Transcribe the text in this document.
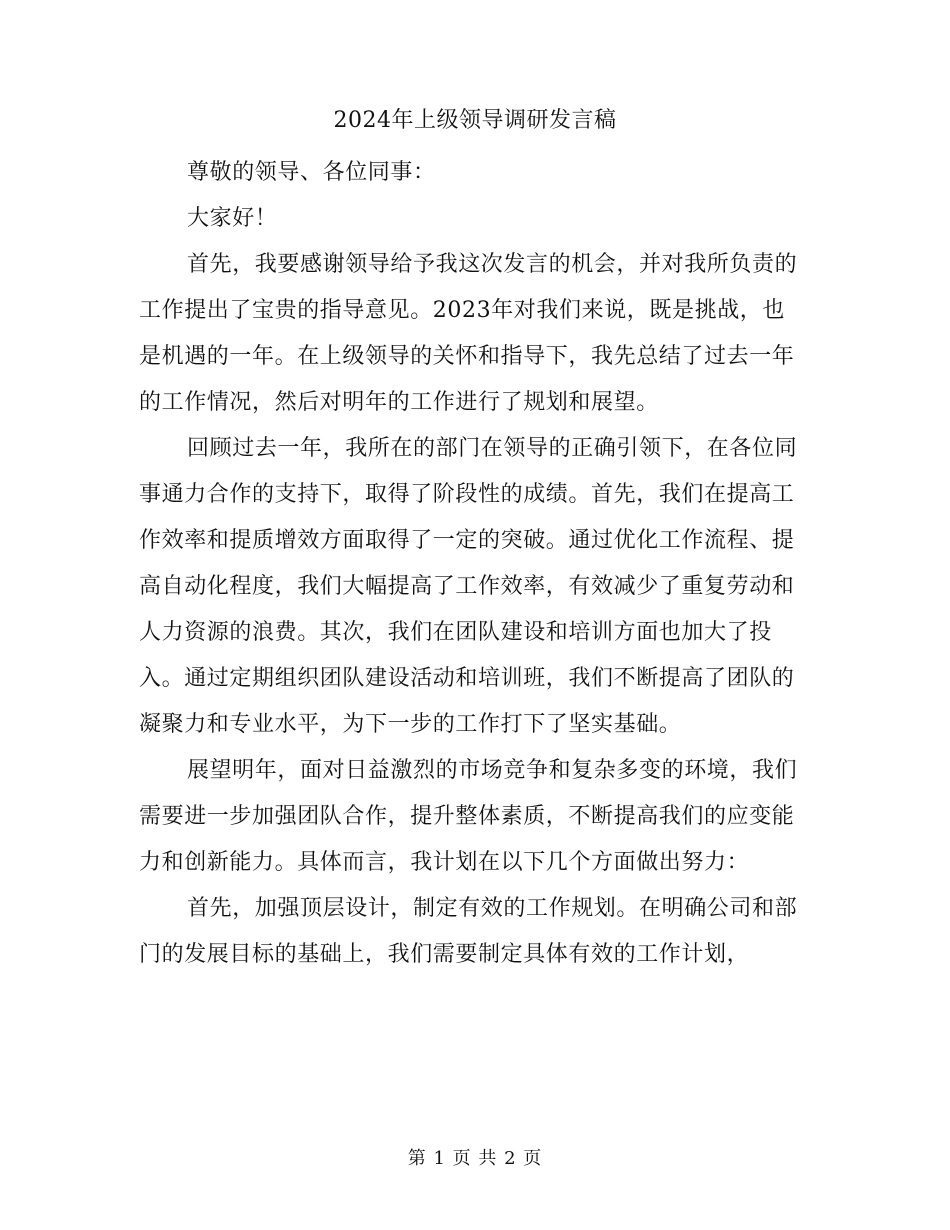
2024年上级领导调研发言稿

尊敬的领导、各位同事：

大家好！

首先，我要感谢领导给予我这次发言的机会，并对我所负责的工作提出了宝贵的指导意见。2023年对我们来说，既是挑战，也是机遇的一年。在上级领导的关怀和指导下，我先总结了过去一年的工作情况，然后对明年的工作进行了规划和展望。

回顾过去一年，我所在的部门在领导的正确引领下，在各位同事通力合作的支持下，取得了阶段性的成绩。首先，我们在提高工作效率和提质增效方面取得了一定的突破。通过优化工作流程、提高自动化程度，我们大幅提高了工作效率，有效减少了重复劳动和人力资源的浪费。其次，我们在团队建设和培训方面也加大了投入。通过定期组织团队建设活动和培训班，我们不断提高了团队的凝聚力和专业水平，为下一步的工作打下了坚实基础。

展望明年，面对日益激烈的市场竞争和复杂多变的环境，我们需要进一步加强团队合作，提升整体素质，不断提高我们的应变能力和创新能力。具体而言，我计划在以下几个方面做出努力：

首先，加强顶层设计，制定有效的工作规划。在明确公司和部门的发展目标的基础上，我们需要制定具体有效的工作计划，

第 1 页 共 2 页
